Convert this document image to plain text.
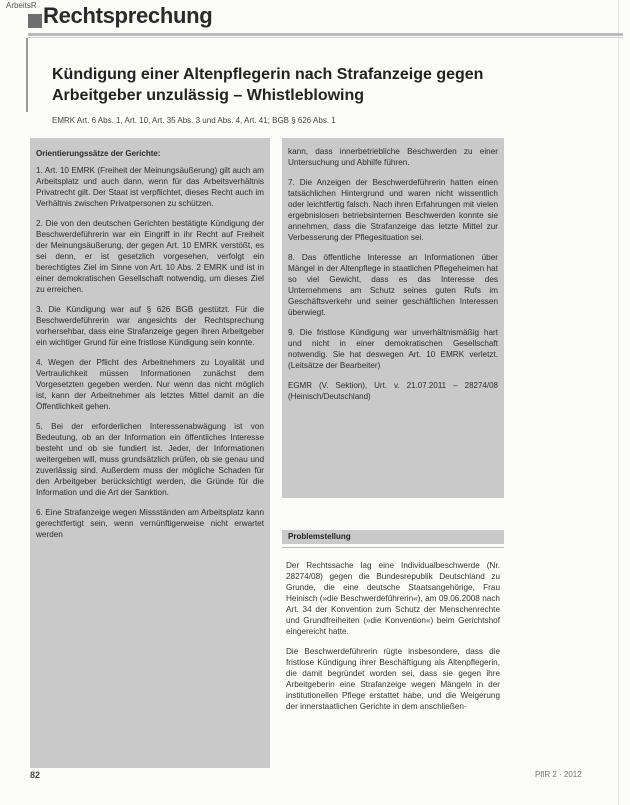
ArbeitsR Rechtsprechung
Kündigung einer Altenpflegerin nach Strafanzeige gegen Arbeitgeber unzulässig – Whistleblowing
EMRK Art. 6 Abs. 1, Art. 10, Art. 35 Abs. 3 und Abs. 4, Art. 41; BGB § 626 Abs. 1
Orientierungssätze der Gerichte:

1. Art. 10 EMRK (Freiheit der Meinungsäußerung) gilt auch am Arbeitsplatz und auch dann, wenn für das Arbeitsverhältnis Privatrecht gilt. Der Staat ist verpflichtet, dieses Recht auch im Verhältnis zwischen Privatpersonen zu schützen.

2. Die von den deutschen Gerichten bestätigte Kündigung der Beschwerdeführerin war ein Eingriff in ihr Recht auf Freiheit der Meinungsäußerung, der gegen Art. 10 EMRK verstößt, es sei denn, er ist gesetzlich vorgesehen, verfolgt ein berechtigtes Ziel im Sinne von Art. 10 Abs. 2 EMRK und ist in einer demokratischen Gesellschaft notwendig, um dieses Ziel zu erreichen.

3. Die Kündigung war auf § 626 BGB gestützt. Für die Beschwerdeführerin war angesichts der Rechtsprechung vorhersehbar, dass eine Strafanzeige gegen ihren Arbeitgeber ein wichtiger Grund für eine fristlose Kündigung sein konnte.

4. Wegen der Pflicht des Arbeitnehmers zu Loyalität und Vertraulichkeit müssen Informationen zunächst dem Vorgesetzten gegeben werden. Nur wenn das nicht möglich ist, kann der Arbeitnehmer als letztes Mittel damit an die Öffentlichkeit gehen.

5. Bei der erforderlichen Interessenabwägung ist von Bedeutung, ob an der Information ein öffentliches Interesse besteht und ob sie fundiert ist. Jeder, der Informationen weitergeben will, muss grundsätzlich prüfen, ob sie genau und zuverlässig sind. Außerdem muss der mögliche Schaden für den Arbeitgeber berücksichtigt werden, die Gründe für die Information und die Art der Sanktion.

6. Eine Strafanzeige wegen Missständen am Arbeitsplatz kann gerechtfertigt sein, wenn vernünftigerweise nicht erwartet werden

kann, dass innerbetriebliche Beschwerden zu einer Untersuchung und Abhilfe führen.

7. Die Anzeigen der Beschwerdeführerin hatten einen tatsächlichen Hintergrund und waren nicht wissentlich oder leichtfertig falsch. Nach ihren Erfahrungen mit vielen ergebnislosen betriebsinternen Beschwerden konnte sie annehmen, dass die Strafanzeige das letzte Mittel zur Verbesserung der Pflegesituation sei.

8. Das öffentliche Interesse an Informationen über Mängel in der Altenpflege in staatlichen Pflegeheimen hat so viel Gewicht, dass es das Interesse des Unternehmens am Schutz seines guten Rufs im Geschäftsverkehr und seiner geschäftlichen Interessen überwiegt.

9. Die fristlose Kündigung war unverhältnismäßig hart und nicht in einer demokratischen Gesellschaft notwendig. Sie hat deswegen Art. 10 EMRK verletzt. (Leitsätze der Bearbeiter)

EGMR (V. Sektion), Urt. v. 21.07.2011 – 28274/08 (Heinisch/Deutschland)
Problemstellung

Der Rechtssache lag eine Individualbeschwerde (Nr. 28274/08) gegen die Bundesrepublik Deutschland zu Grunde, die eine deutsche Staatsangehörige, Frau Heinisch (»die Beschwerdeführerin«), am 09.06.2008 nach Art. 34 der Konvention zum Schutz der Menschenrechte und Grundfreiheiten (»die Konvention«) beim Gerichtshof eingereicht hatte.

Die Beschwerdeführerin rügte insbesondere, dass die fristlose Kündigung ihrer Beschäftigung als Altenpflegerin, die damit begründet worden sei, dass sie gegen ihre Arbeitgeberin eine Strafanzeige wegen Mängeln in der institutionellen Pflege erstattet habe, und die Weigerung der innerstaatlichen Gerichte in dem anschließen-

82	PflR 2 · 2012
